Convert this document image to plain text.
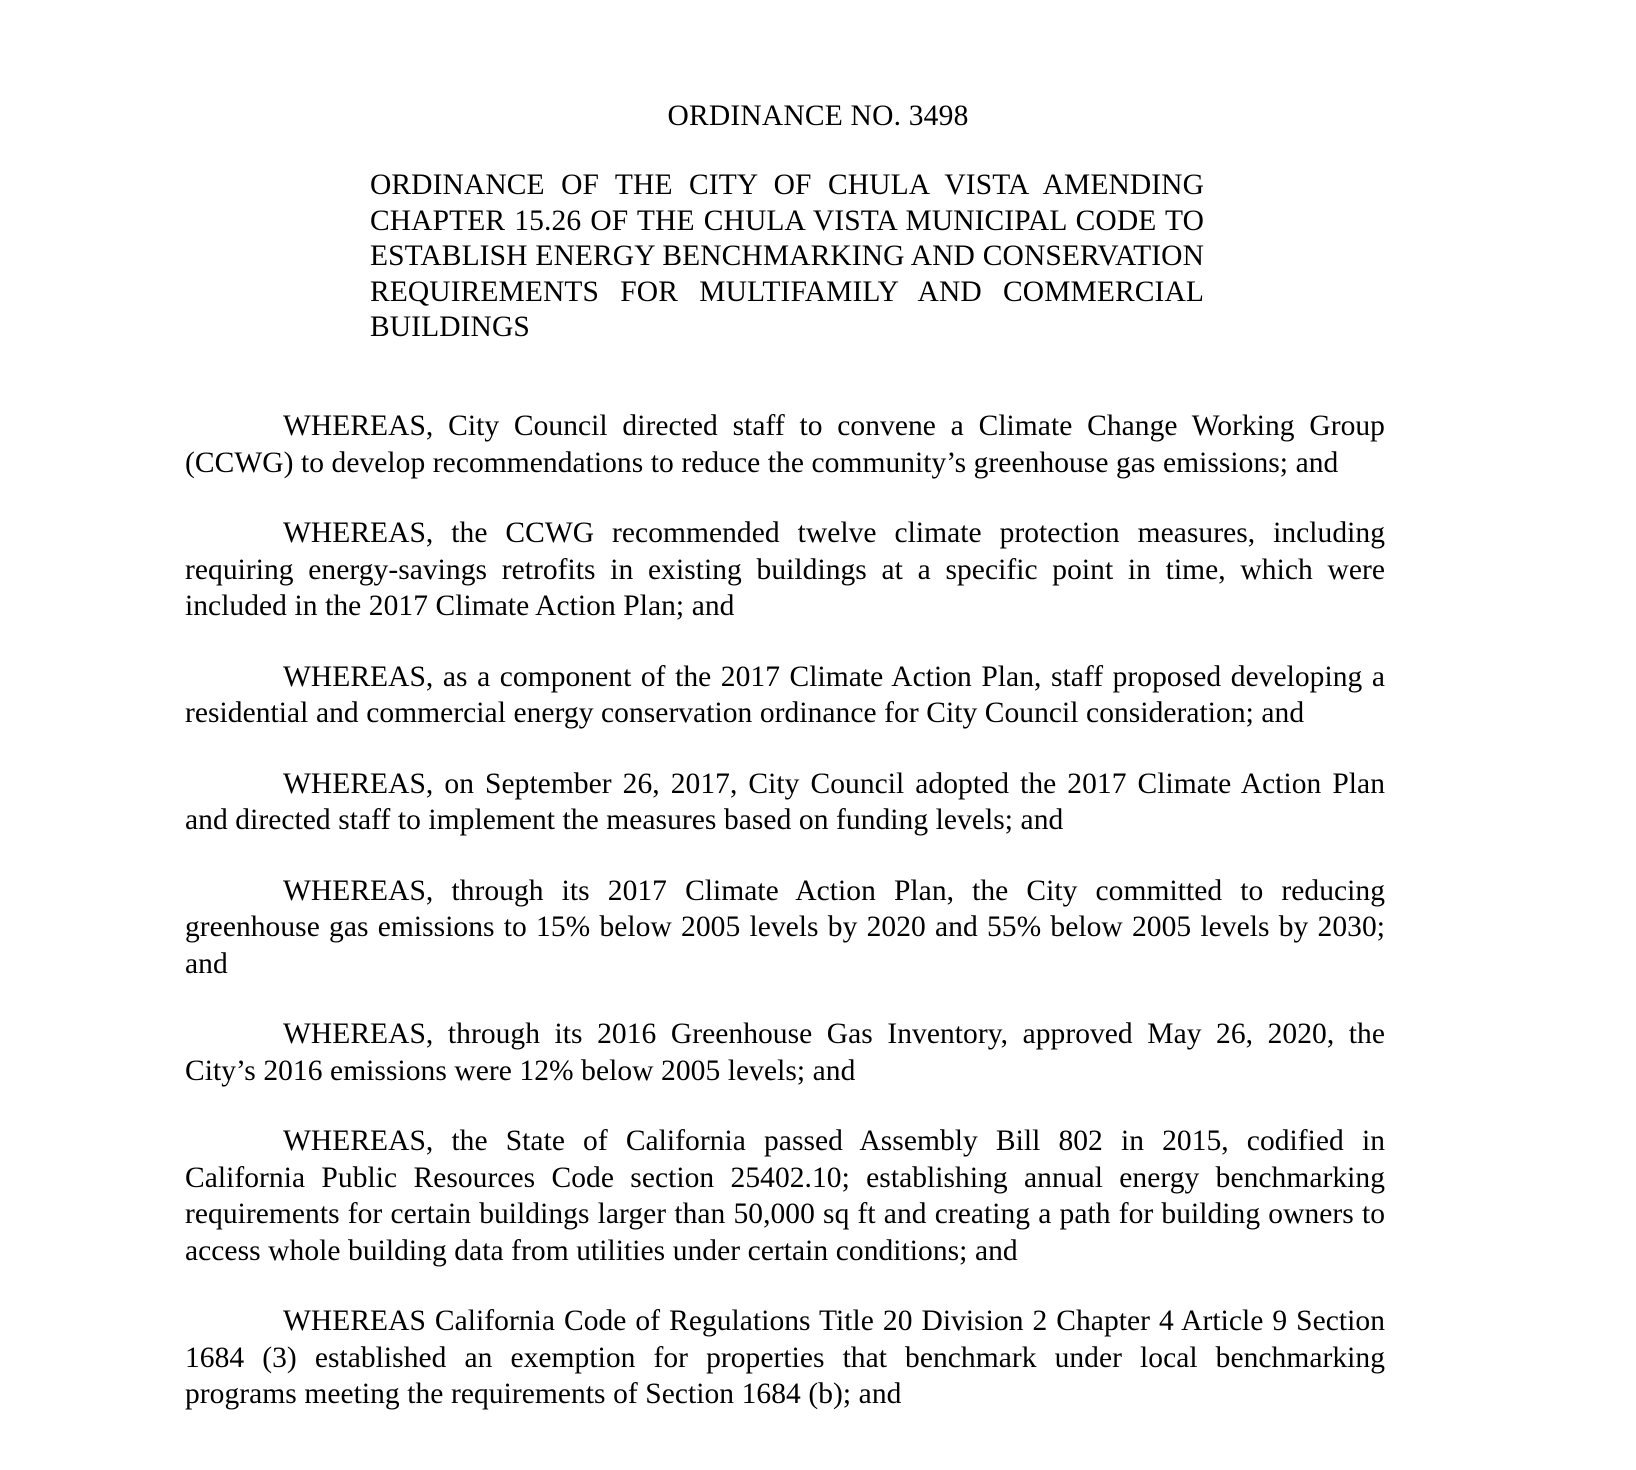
ORDINANCE NO. 3498
ORDINANCE OF THE CITY OF CHULA VISTA AMENDING CHAPTER 15.26 OF THE CHULA VISTA MUNICIPAL CODE TO ESTABLISH ENERGY BENCHMARKING AND CONSERVATION REQUIREMENTS FOR MULTIFAMILY AND COMMERCIAL BUILDINGS

WHEREAS, City Council directed staff to convene a Climate Change Working Group (CCWG) to develop recommendations to reduce the community’s greenhouse gas emissions; and

WHEREAS, the CCWG recommended twelve climate protection measures, including requiring energy-savings retrofits in existing buildings at a specific point in time, which were included in the 2017 Climate Action Plan; and

WHEREAS, as a component of the 2017 Climate Action Plan, staff proposed developing a residential and commercial energy conservation ordinance for City Council consideration; and

WHEREAS, on September 26, 2017, City Council adopted the 2017 Climate Action Plan and directed staff to implement the measures based on funding levels; and

WHEREAS, through its 2017 Climate Action Plan, the City committed to reducing greenhouse gas emissions to 15% below 2005 levels by 2020 and 55% below 2005 levels by 2030; and

WHEREAS, through its 2016 Greenhouse Gas Inventory, approved May 26, 2020, the City’s 2016 emissions were 12% below 2005 levels; and

WHEREAS, the State of California passed Assembly Bill 802 in 2015, codified in California Public Resources Code section 25402.10; establishing annual energy benchmarking requirements for certain buildings larger than 50,000 sq ft and creating a path for building owners to access whole building data from utilities under certain conditions; and

WHEREAS California Code of Regulations Title 20 Division 2 Chapter 4 Article 9 Section 1684 (3) established an exemption for properties that benchmark under local benchmarking programs meeting the requirements of Section 1684 (b); and
